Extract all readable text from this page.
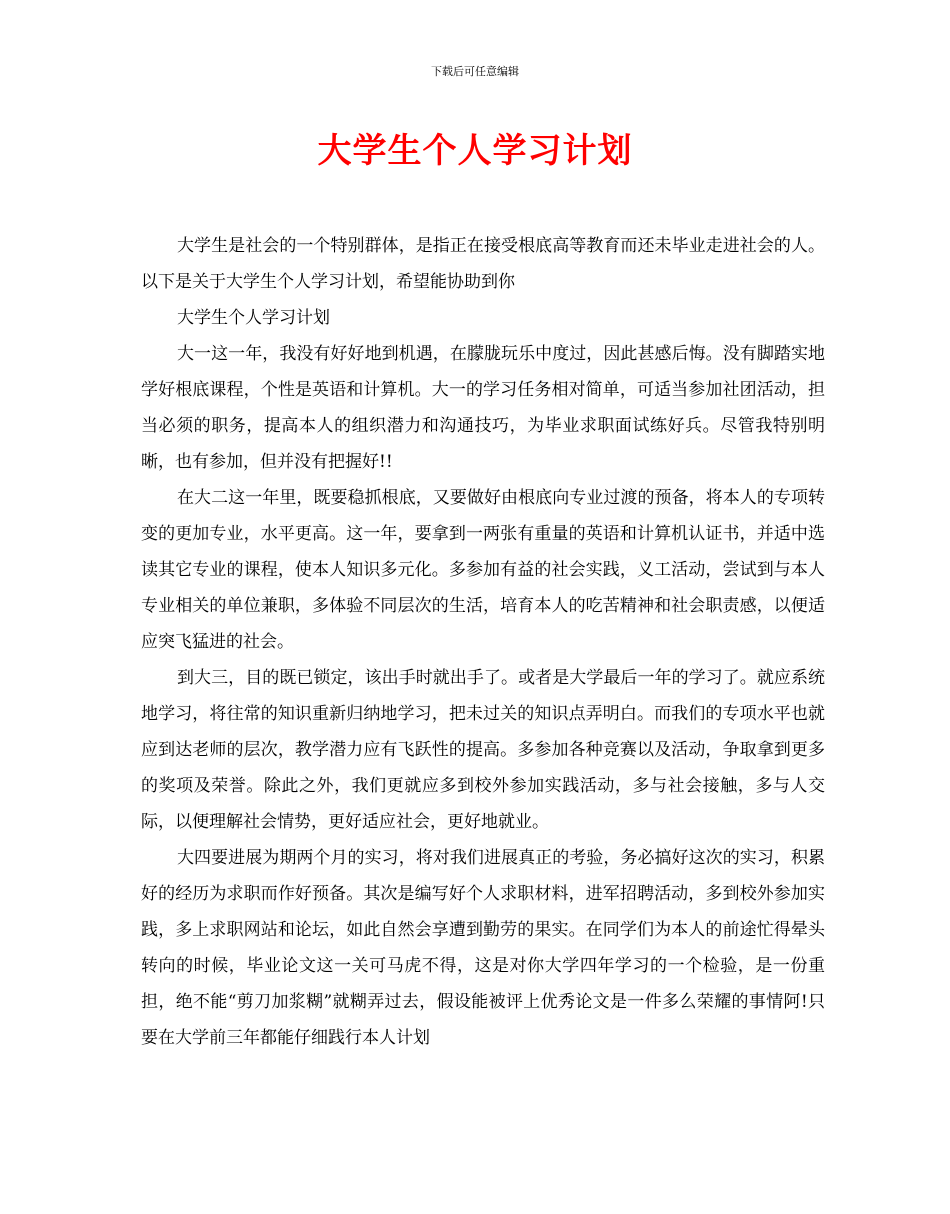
下载后可任意编辑
大学生个人学习计划

大学生是社会的一个特别群体，是指正在接受根底高等教育而还未毕业走进社会的人。以下是关于大学生个人学习计划，希望能协助到你

大学生个人学习计划

大一这一年，我没有好好地到机遇，在朦胧玩乐中度过，因此甚感后悔。没有脚踏实地学好根底课程，个性是英语和计算机。大一的学习任务相对简单，可适当参加社团活动，担当必须的职务，提高本人的组织潜力和沟通技巧，为毕业求职面试练好兵。尽管我特别明晰，也有参加，但并没有把握好!!

在大二这一年里，既要稳抓根底，又要做好由根底向专业过渡的预备，将本人的专项转变的更加专业，水平更高。这一年，要拿到一两张有重量的英语和计算机认证书，并适中选读其它专业的课程，使本人知识多元化。多参加有益的社会实践，义工活动，尝试到与本人专业相关的单位兼职，多体验不同层次的生活，培育本人的吃苦精神和社会职责感，以便适应突飞猛进的社会。

到大三，目的既已锁定，该出手时就出手了。或者是大学最后一年的学习了。就应系统地学习，将往常的知识重新归纳地学习，把未过关的知识点弄明白。而我们的专项水平也就应到达老师的层次，教学潜力应有飞跃性的提高。多参加各种竞赛以及活动，争取拿到更多的奖项及荣誉。除此之外，我们更就应多到校外参加实践活动，多与社会接触，多与人交际，以便理解社会情势，更好适应社会，更好地就业。

大四要进展为期两个月的实习，将对我们进展真正的考验，务必搞好这次的实习，积累好的经历为求职而作好预备。其次是编写好个人求职材料，进军招聘活动，多到校外参加实践，多上求职网站和论坛，如此自然会享遭到勤劳的果实。在同学们为本人的前途忙得晕头转向的时候，毕业论文这一关可马虎不得，这是对你大学四年学习的一个检验，是一份重担，绝不能“剪刀加浆糊”就糊弄过去，假设能被评上优秀论文是一件多么荣耀的事情阿!只要在大学前三年都能仔细践行本人计划
